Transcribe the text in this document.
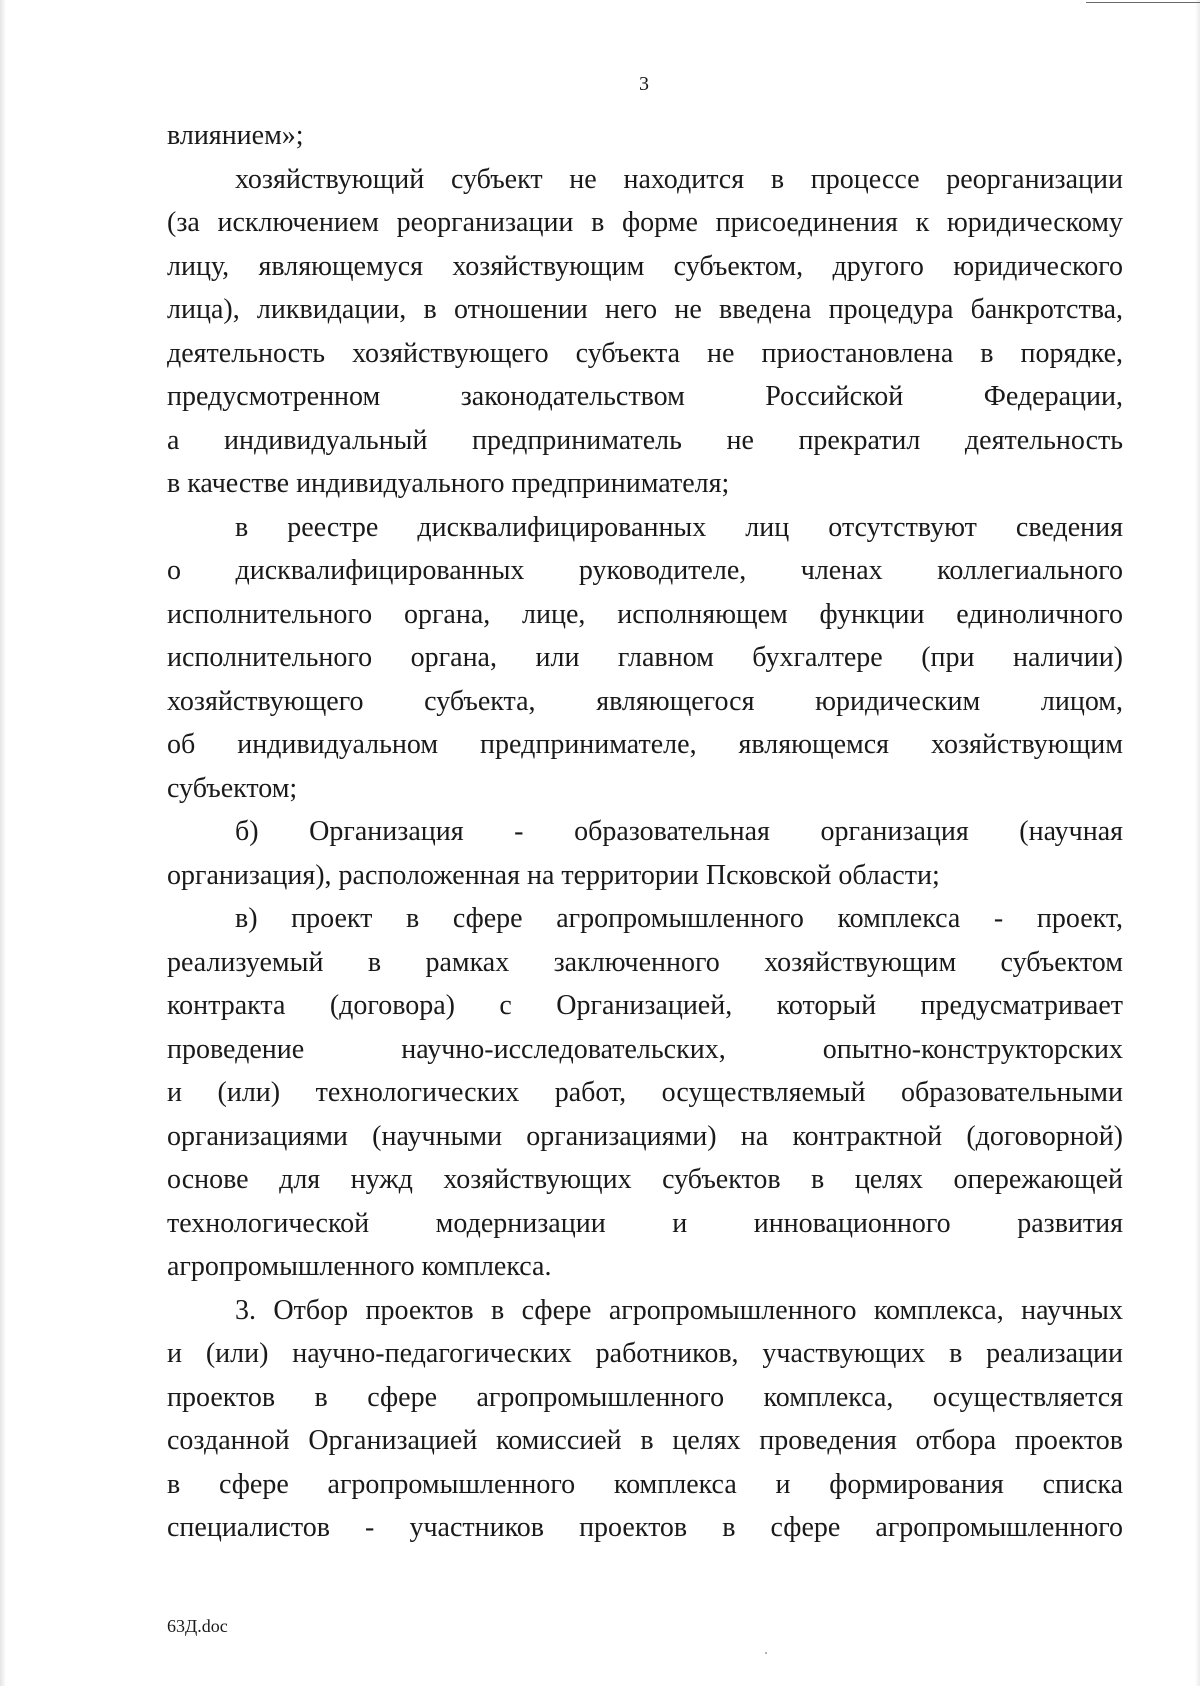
3
влиянием»;
хозяйствующий субъект не находится в процессе реорганизации
(за исключением реорганизации в форме присоединения к юридическому
лицу, являющемуся хозяйствующим субъектом, другого юридического
лица), ликвидации, в отношении него не введена процедура банкротства,
деятельность хозяйствующего субъекта не приостановлена в порядке,
предусмотренном законодательством Российской Федерации,
а индивидуальный предприниматель не прекратил деятельность
в качестве индивидуального предпринимателя;
в реестре дисквалифицированных лиц отсутствуют сведения
о дисквалифицированных руководителе, членах коллегиального
исполнительного органа, лице, исполняющем функции единоличного
исполнительного органа, или главном бухгалтере (при наличии)
хозяйствующего субъекта, являющегося юридическим лицом,
об индивидуальном предпринимателе, являющемся хозяйствующим
субъектом;
б) Организация - образовательная организация (научная
организация), расположенная на территории Псковской области;
в) проект в сфере агропромышленного комплекса - проект,
реализуемый в рамках заключенного хозяйствующим субъектом
контракта (договора) с Организацией, который предусматривает
проведение научно-исследовательских, опытно-конструкторских
и (или) технологических работ, осуществляемый образовательными
организациями (научными организациями) на контрактной (договорной)
основе для нужд хозяйствующих субъектов в целях опережающей
технологической модернизации и инновационного развития
агропромышленного комплекса.
3. Отбор проектов в сфере агропромышленного комплекса, научных
и (или) научно-педагогических работников, участвующих в реализации
проектов в сфере агропромышленного комплекса, осуществляется
созданной Организацией комиссией в целях проведения отбора проектов
в сфере агропромышленного комплекса и формирования списка
специалистов - участников проектов в сфере агропромышленного
63Д.doc
